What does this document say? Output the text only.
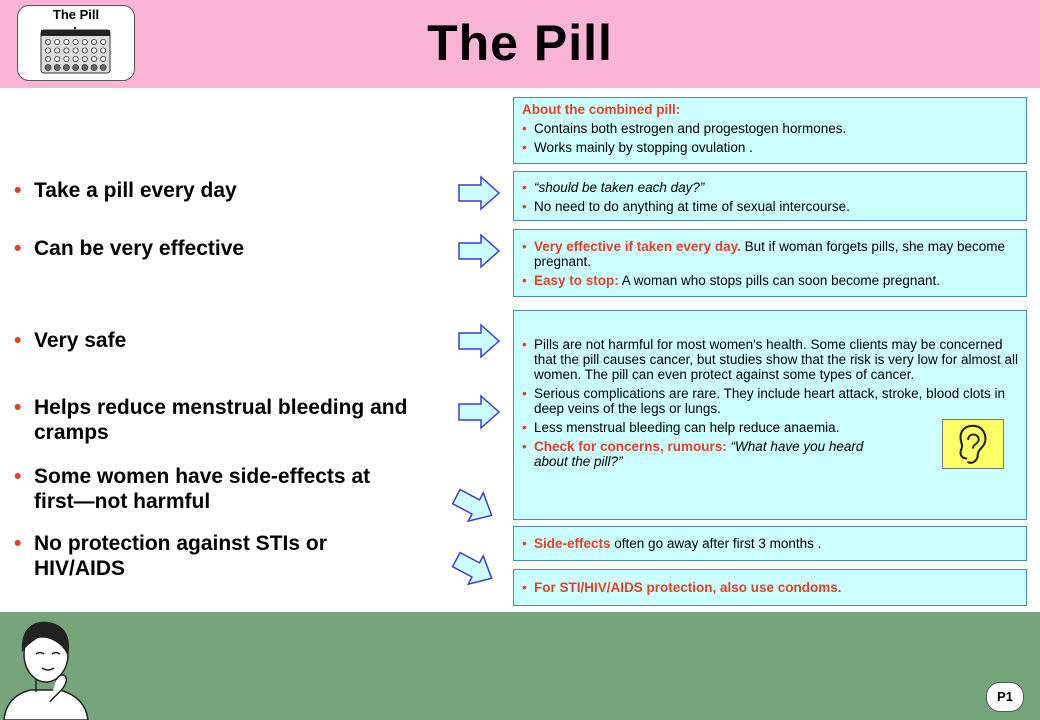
The Pill
The Pill
• Take a pill every day
• Can be very effective
• Very safe
• Helps reduce menstrual bleeding and cramps
• Some women have side-effects at first—not harmful
• No protection against STIs or HIV/AIDS
About the combined pill:
• Contains both estrogen and progestogen hormones.
• Works mainly by stopping ovulation .
• “should be taken each day?”
• No need to do anything at time of sexual intercourse.
• Very effective if taken every day. But if woman forgets pills, she may become pregnant.
• Easy to stop: A woman who stops pills can soon become pregnant.
• Pills are not harmful for most women's health. Some clients may be concerned that the pill causes cancer, but studies show that the risk is very low for almost all women. The pill can even protect against some types of cancer.
• Serious complications are rare. They include heart attack, stroke, blood clots in deep veins of the legs or lungs.
• Less menstrual bleeding can help reduce anaemia.
• Check for concerns, rumours: “What have you heard about the pill?”
• Side-effects often go away after first 3 months .
• For STI/HIV/AIDS protection, also use condoms.
P1
